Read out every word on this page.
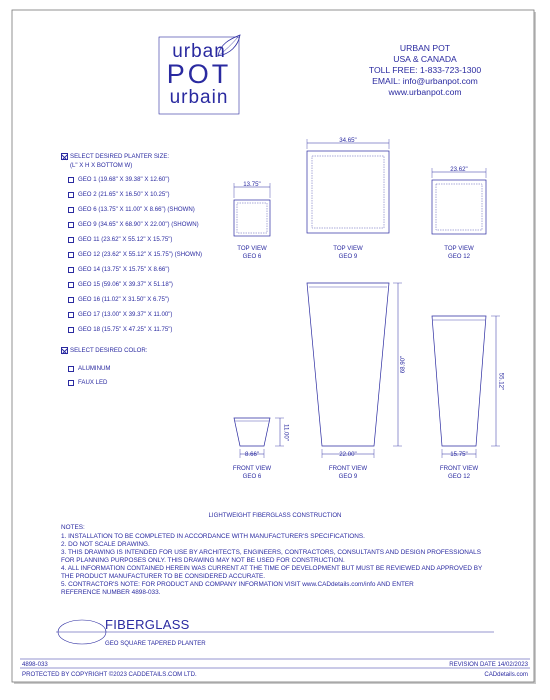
urban
POT
urbain
URBAN POT
USA & CANADA
TOLL FREE: 1-833-723-1300
EMAIL: info@urbanpot.com
www.urbanpot.com
SELECT DESIRED PLANTER SIZE:
(L" X H X BOTTOM W)
GEO 1 (19.68" X 39.38" X 12.60")
GEO 2 (21.65" X 16.50" X 10.25")
GEO 6 (13.75" X 11.00" X 8.66") (SHOWN)
GEO 9 (34.65" X 68.90" X 22.00") (SHOWN)
GEO 11 (23.62" X 55.12" X 15.75")
GEO 12 (23.62" X 55.12" X 15.75") (SHOWN)
GEO 14 (13.75" X 15.75" X 8.66")
GEO 15 (59.06" X 39.37" X 51.18")
GEO 16 (11.02" X 31.50" X 6.75")
GEO 17 (13.00" X 39.37" X 11.00")
GEO 18 (15.75" X 47.25" X 11.75")
SELECT DESIRED COLOR:
ALUMINUM
FAUX LED
13.75"
34.65"
23.62"
68.90"
55.12"
11.00"
8.66"	22.00"	15.75"
TOP VIEW
GEO 6
TOP VIEW
GEO 9
TOP VIEW
GEO 12
FRONT VIEW
GEO 6
FRONT VIEW
GEO 9
FRONT VIEW
GEO 12
LIGHTWEIGHT FIBERGLASS CONSTRUCTION
NOTES:
1. INSTALLATION TO BE COMPLETED IN ACCORDANCE WITH MANUFACTURER'S SPECIFICATIONS.
2. DO NOT SCALE DRAWING.
3. THIS DRAWING IS INTENDED FOR USE BY ARCHITECTS, ENGINEERS, CONTRACTORS, CONSULTANTS AND DESIGN PROFESSIONALS
FOR PLANNING PURPOSES ONLY. THIS DRAWING MAY NOT BE USED FOR CONSTRUCTION.
4. ALL INFORMATION CONTAINED HEREIN WAS CURRENT AT THE TIME OF DEVELOPMENT BUT MUST BE REVIEWED AND APPROVED BY
THE PRODUCT MANUFACTURER TO BE CONSIDERED ACCURATE.
5. CONTRACTOR'S NOTE: FOR PRODUCT AND COMPANY INFORMATION VISIT www.CADdetails.com/info AND ENTER
REFERENCE NUMBER 4898-033.
FIBERGLASS
GEO SQUARE TAPERED PLANTER
4898-033	REVISION DATE 14/02/2023
PROTECTED BY COPYRIGHT ©2023 CADDETAILS.COM LTD.	CADdetails.com
